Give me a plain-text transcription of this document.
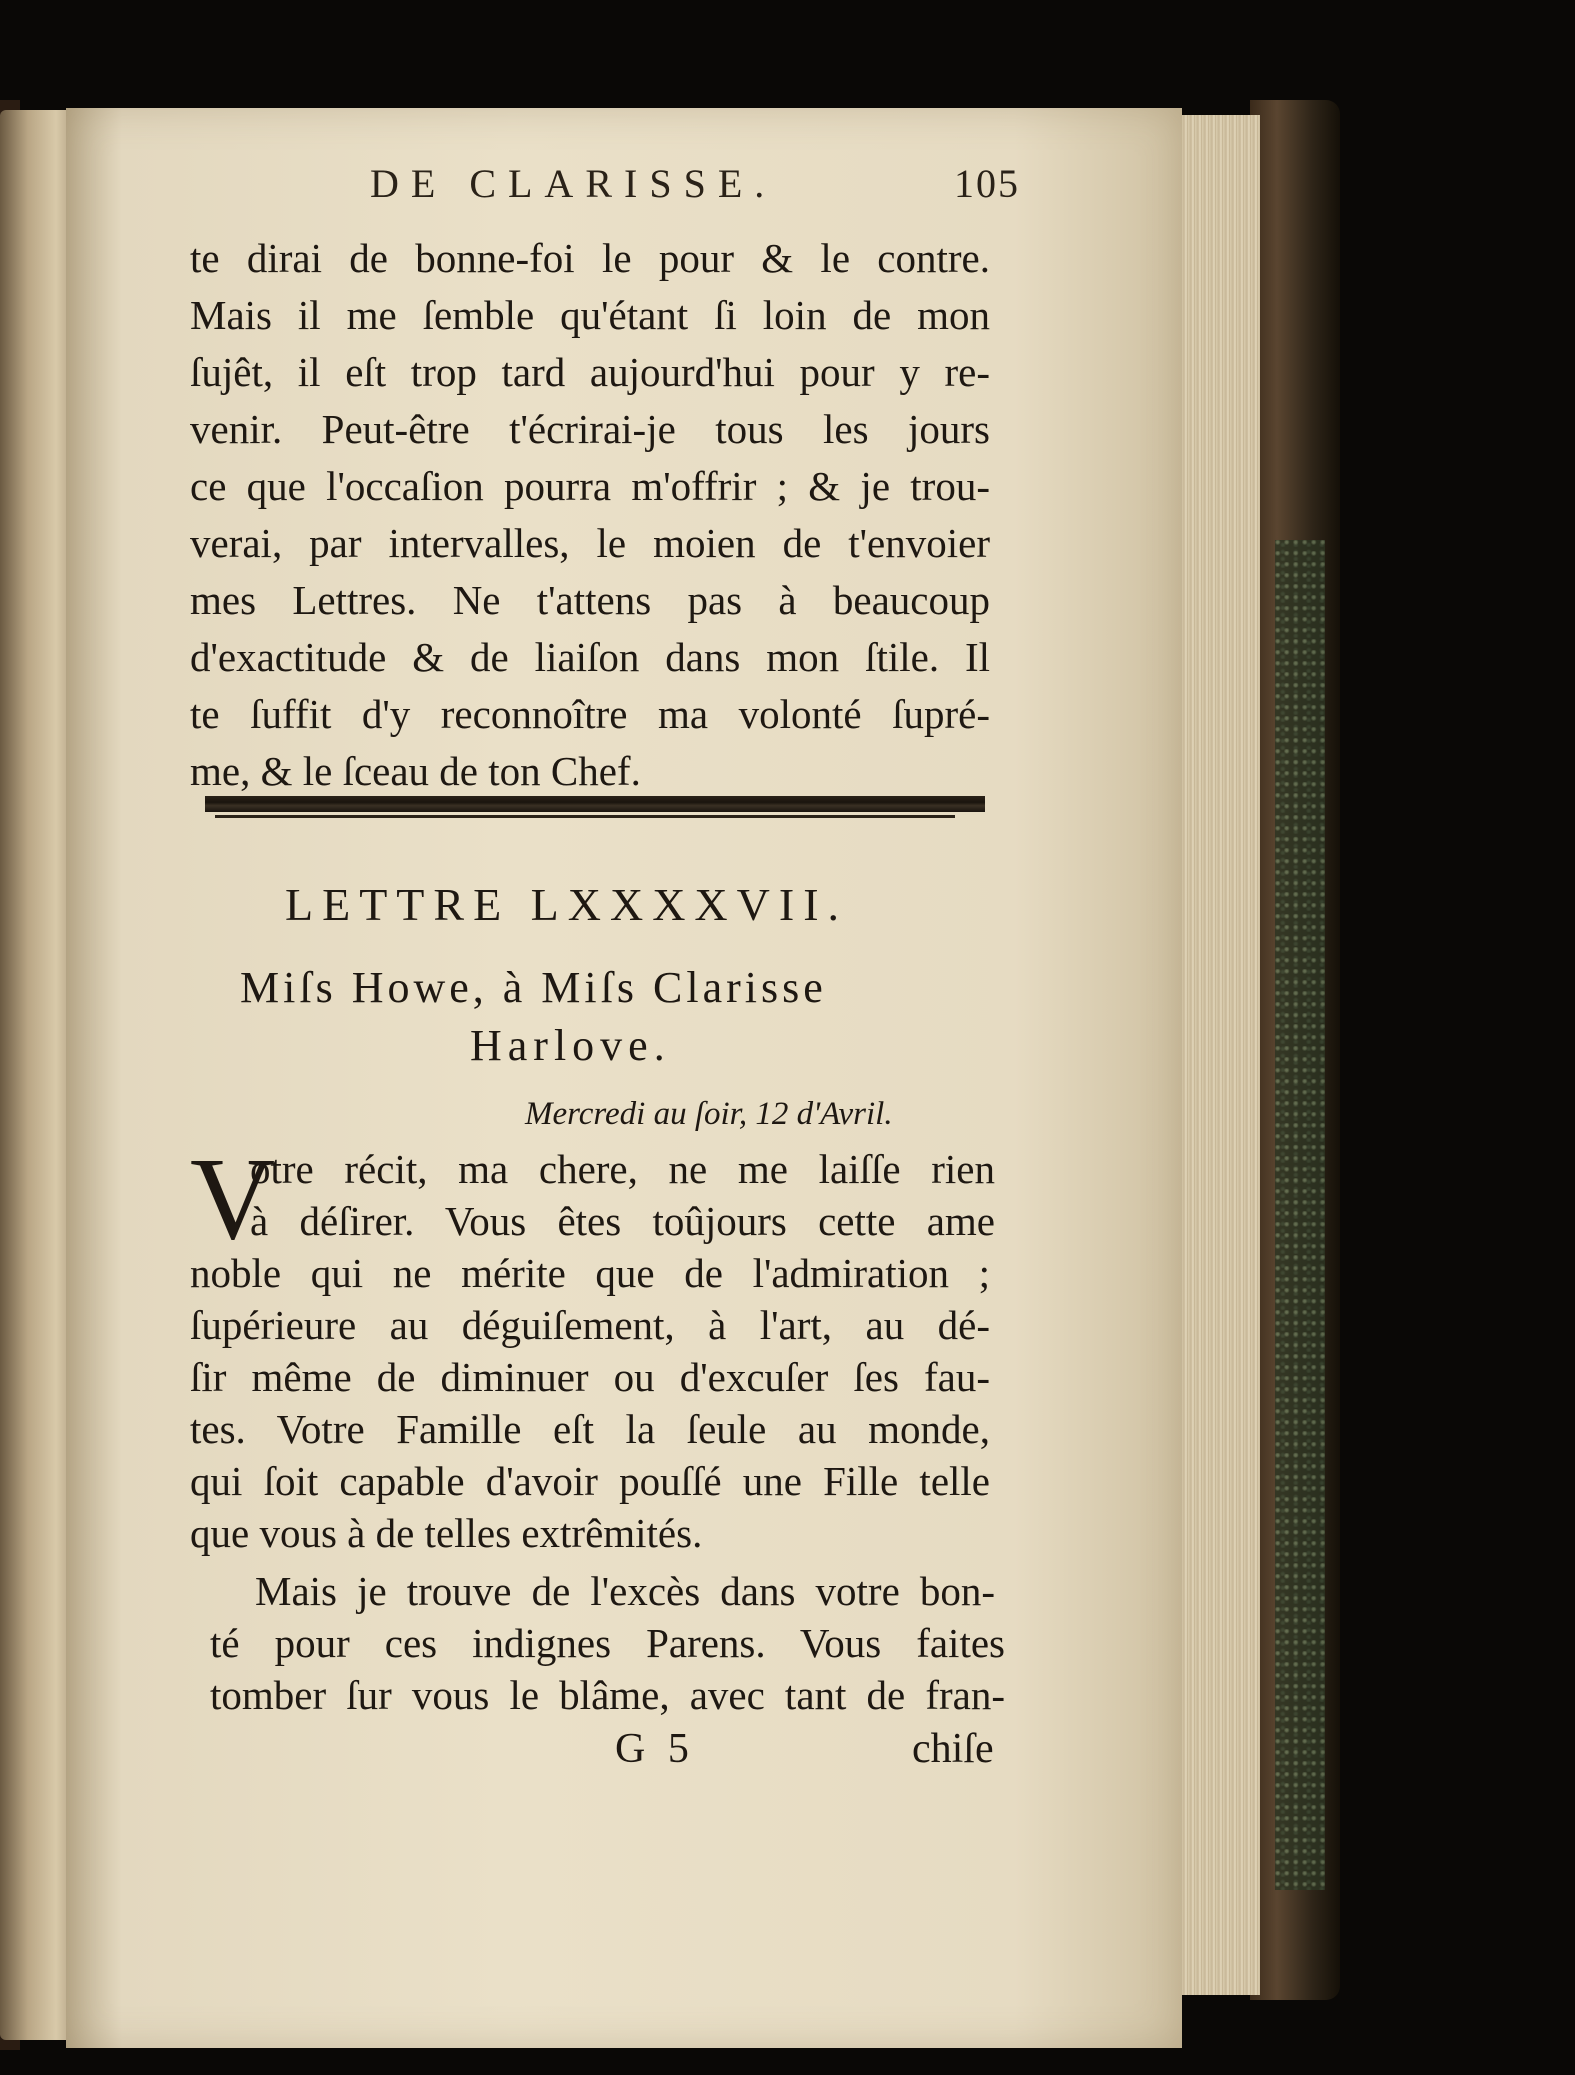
DE CLARISSE.	105
te dirai de bonne-foi le pour & le contre.
Mais il me ſemble qu'étant ſi loin de mon
ſujêt, il eſt trop tard aujourd'hui pour y re-
venir. Peut-être t'écrirai-je tous les jours
ce que l'occaſion pourra m'offrir ; & je trou-
verai, par intervalles, le moien de t'envoier
mes Lettres. Ne t'attens pas à beaucoup
d'exactitude & de liaiſon dans mon ſtile. Il
te ſuffit d'y reconnoître ma volonté ſupré-
me, & le ſceau de ton Chef.
LETTRE LXXXXVII.
Miſs Howe, à Miſs Clarisse
Harlove.
Mercredi au ſoir, 12 d'Avril.
V
otre récit, ma chere, ne me laiſſe rien
à déſirer. Vous êtes toûjours cette ame
noble qui ne mérite que de l'admiration ;
ſupérieure au déguiſement, à l'art, au dé-
ſir même de diminuer ou d'excuſer ſes fau-
tes. Votre Famille eſt la ſeule au monde,
qui ſoit capable d'avoir pouſſé une Fille telle
que vous à de telles extrêmités.
Mais je trouve de l'excès dans votre bon-
té pour ces indignes Parens. Vous faites
tomber ſur vous le blâme, avec tant de fran-
G 5	chiſe
